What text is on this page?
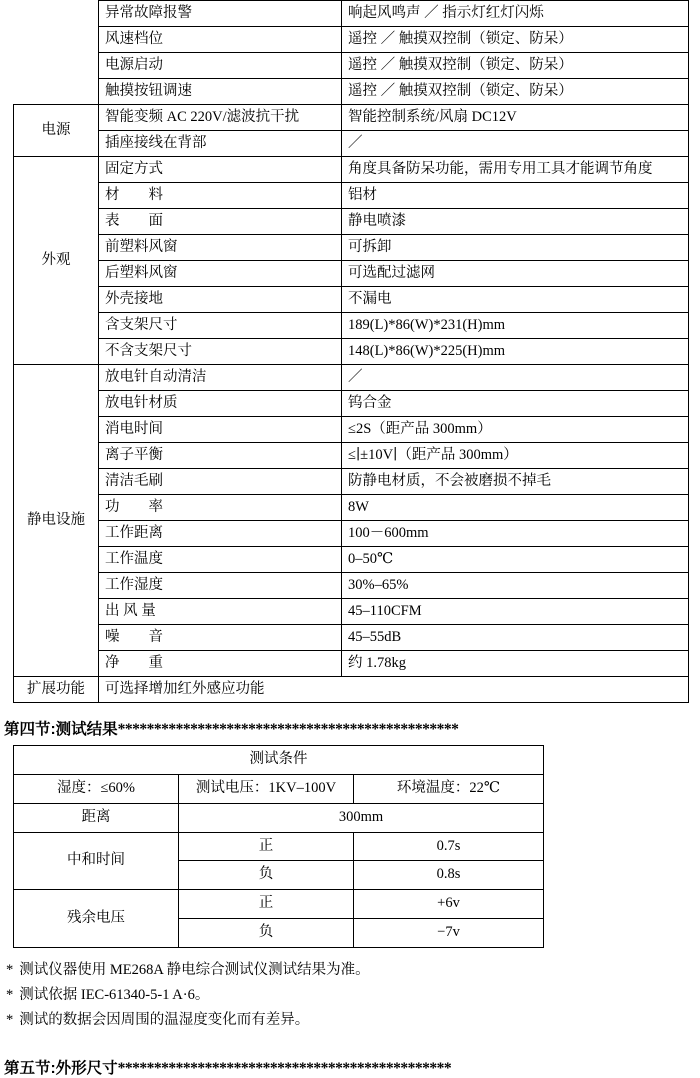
	异常故障报警	响起风鸣声 ／ 指示灯红灯闪烁
	风速档位	遥控 ／ 触摸双控制（锁定、防呆）
	电源启动	遥控 ／ 触摸双控制（锁定、防呆）
	触摸按钮调速	遥控 ／ 触摸双控制（锁定、防呆）
电源	智能变频 AC 220V/滤波抗干扰	智能控制系统/风扇 DC12V
	插座接线在背部	／
外观	固定方式	角度具备防呆功能，需用专用工具才能调节角度
	材　　料	铝材
	表　　面	静电喷漆
	前塑料风窗	可拆卸
	后塑料风窗	可选配过滤网
	外壳接地	不漏电
	含支架尺寸	189(L)*86(W)*231(H)mm
	不含支架尺寸	148(L)*86(W)*225(H)mm
静电设施	放电针自动清洁	／
	放电针材质	钨合金
	消电时间	≤2S（距产品 300mm）
	离子平衡	≤∣±10V∣（距产品 300mm）
	清洁毛刷	防静电材质，不会被磨损不掉毛
	功　　率	8W
	工作距离	100－600mm
	工作温度	0–50℃
	工作湿度	30%–65%
	出 风 量	45–110CFM
	噪　　音	45–55dB
	净　　重	约 1.78kg
扩展功能	可选择增加红外感应功能	
第四节:测试结果***********************************************
测试条件		
湿度：≤60%	测试电压：1KV–100V	环境温度：22℃
距离	300mm	
中和时间	正	0.7s
	负	0.8s
残余电压	正	+6v
	负	−7v
* 测试仪器使用 ME268A 静电综合测试仪测试结果为准。
* 测试依据 IEC-61340-5-1 A·6。
* 测试的数据会因周围的温湿度变化而有差异。
第五节:外形尺寸**********************************************
